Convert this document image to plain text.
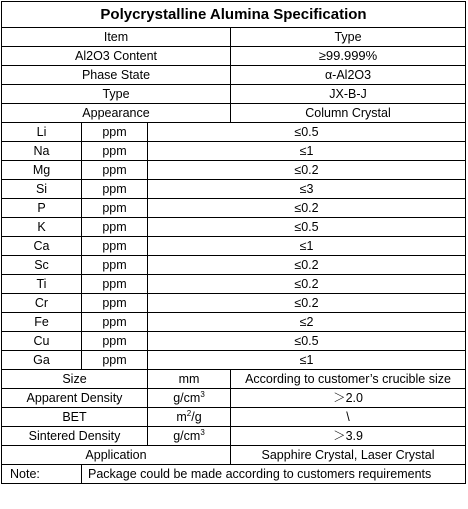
Polycrystalline Alumina Specification			
Item			Type
Al2O3 Content			≥99.999%
Phase State			α-Al2O3
Type			JX-B-J
Appearance			Column Crystal
Li	ppm	≤0.5	
Na	ppm	≤1	
Mg	ppm	≤0.2	
Si	ppm	≤3	
P	ppm	≤0.2	
K	ppm	≤0.5	
Ca	ppm	≤1	
Sc	ppm	≤0.2	
Ti	ppm	≤0.2	
Cr	ppm	≤0.2	
Fe	ppm	≤2	
Cu	ppm	≤0.5	
Ga	ppm	≤1	
Size		mm	According to customer’s crucible size
Apparent Density		$g/cm^3$	＞2.0
BET		$m^2/g$	\
Sintered Density		$g/cm^3$	＞3.9
Application			Sapphire Crystal, Laser Crystal
Note:	Package could be made according to customers requirements		
